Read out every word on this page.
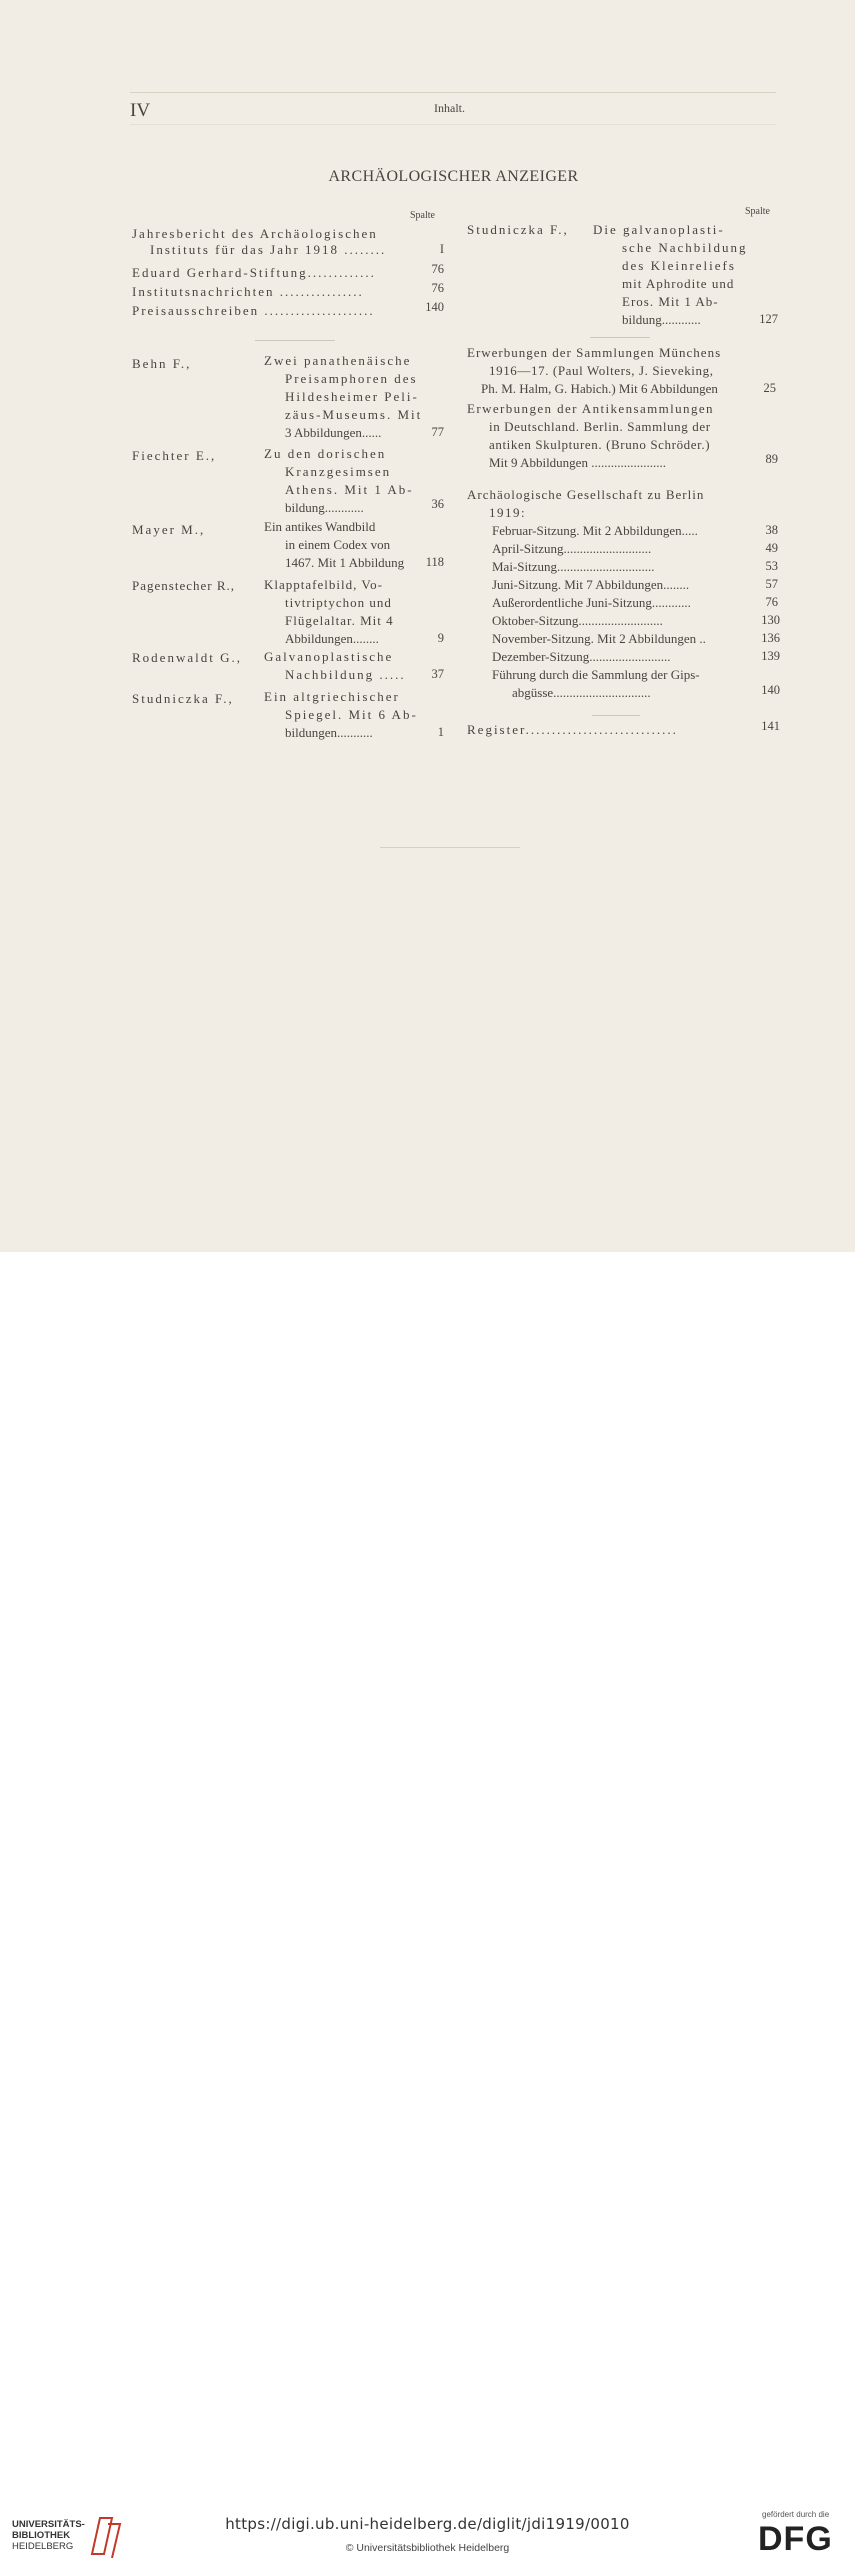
IV	Inhalt.
ARCHÄOLOGISCHER ANZEIGER
Spalte	Spalte
Jahresbericht des Archäologischen
Instituts für das Jahr 1918 ........	I
Eduard Gerhard-Stiftung.............	76
Institutsnachrichten ................	76
Preisausschreiben .....................	140
Behn F.,	Zwei panathenäische
Preisamphoren des
Hildesheimer Peli-
zäus-Museums. Mit
3 Abbildungen......	77
Fiechter E.,	Zu den dorischen
Kranzgesimsen
Athens. Mit 1 Ab-
bildung............	36
Mayer M.,	Ein antikes Wandbild
in einem Codex von
1467. Mit 1 Abbildung	118
Pagenstecher R., Klapptafelbild, Vo-
tivtriptychon und
Flügelaltar. Mit 4
Abbildungen........	9
Rodenwaldt G., Galvanoplastische
Nachbildung .....	37
Studniczka F., Ein altgriechischer
Spiegel. Mit 6 Ab-
bildungen...........	1
Studniczka F., Die galvanoplasti-
sche Nachbildung
des Kleinreliefs
mit Aphrodite und
Eros. Mit 1 Ab-
bildung............	127
Erwerbungen der Sammlungen Münchens
1916—17. (Paul Wolters, J. Sieveking,
Ph. M. Halm, G. Habich.) Mit 6 Abbildungen	25
Erwerbungen der Antikensammlungen
in Deutschland. Berlin. Sammlung der
antiken Skulpturen. (Bruno Schröder.)
Mit 9 Abbildungen .......................	89
Archäologische Gesellschaft zu Berlin
1919:
Februar-Sitzung. Mit 2 Abbildungen.....	38
April-Sitzung...........................	49
Mai-Sitzung..............................	53
Juni-Sitzung. Mit 7 Abbildungen........	57
Außerordentliche Juni-Sitzung............	76
Oktober-Sitzung..........................	130
November-Sitzung. Mit 2 Abbildungen ..	136
Dezember-Sitzung.........................	139
Führung durch die Sammlung der Gips-
abgüsse..............................	140
Register.............................	141
UNIVERSITÄTS-
BIBLIOTHEK
HEIDELBERG
https://digi.ub.uni-heidelberg.de/diglit/jdi1919/0010
© Universitätsbibliothek Heidelberg
gefördert durch die
DFG
